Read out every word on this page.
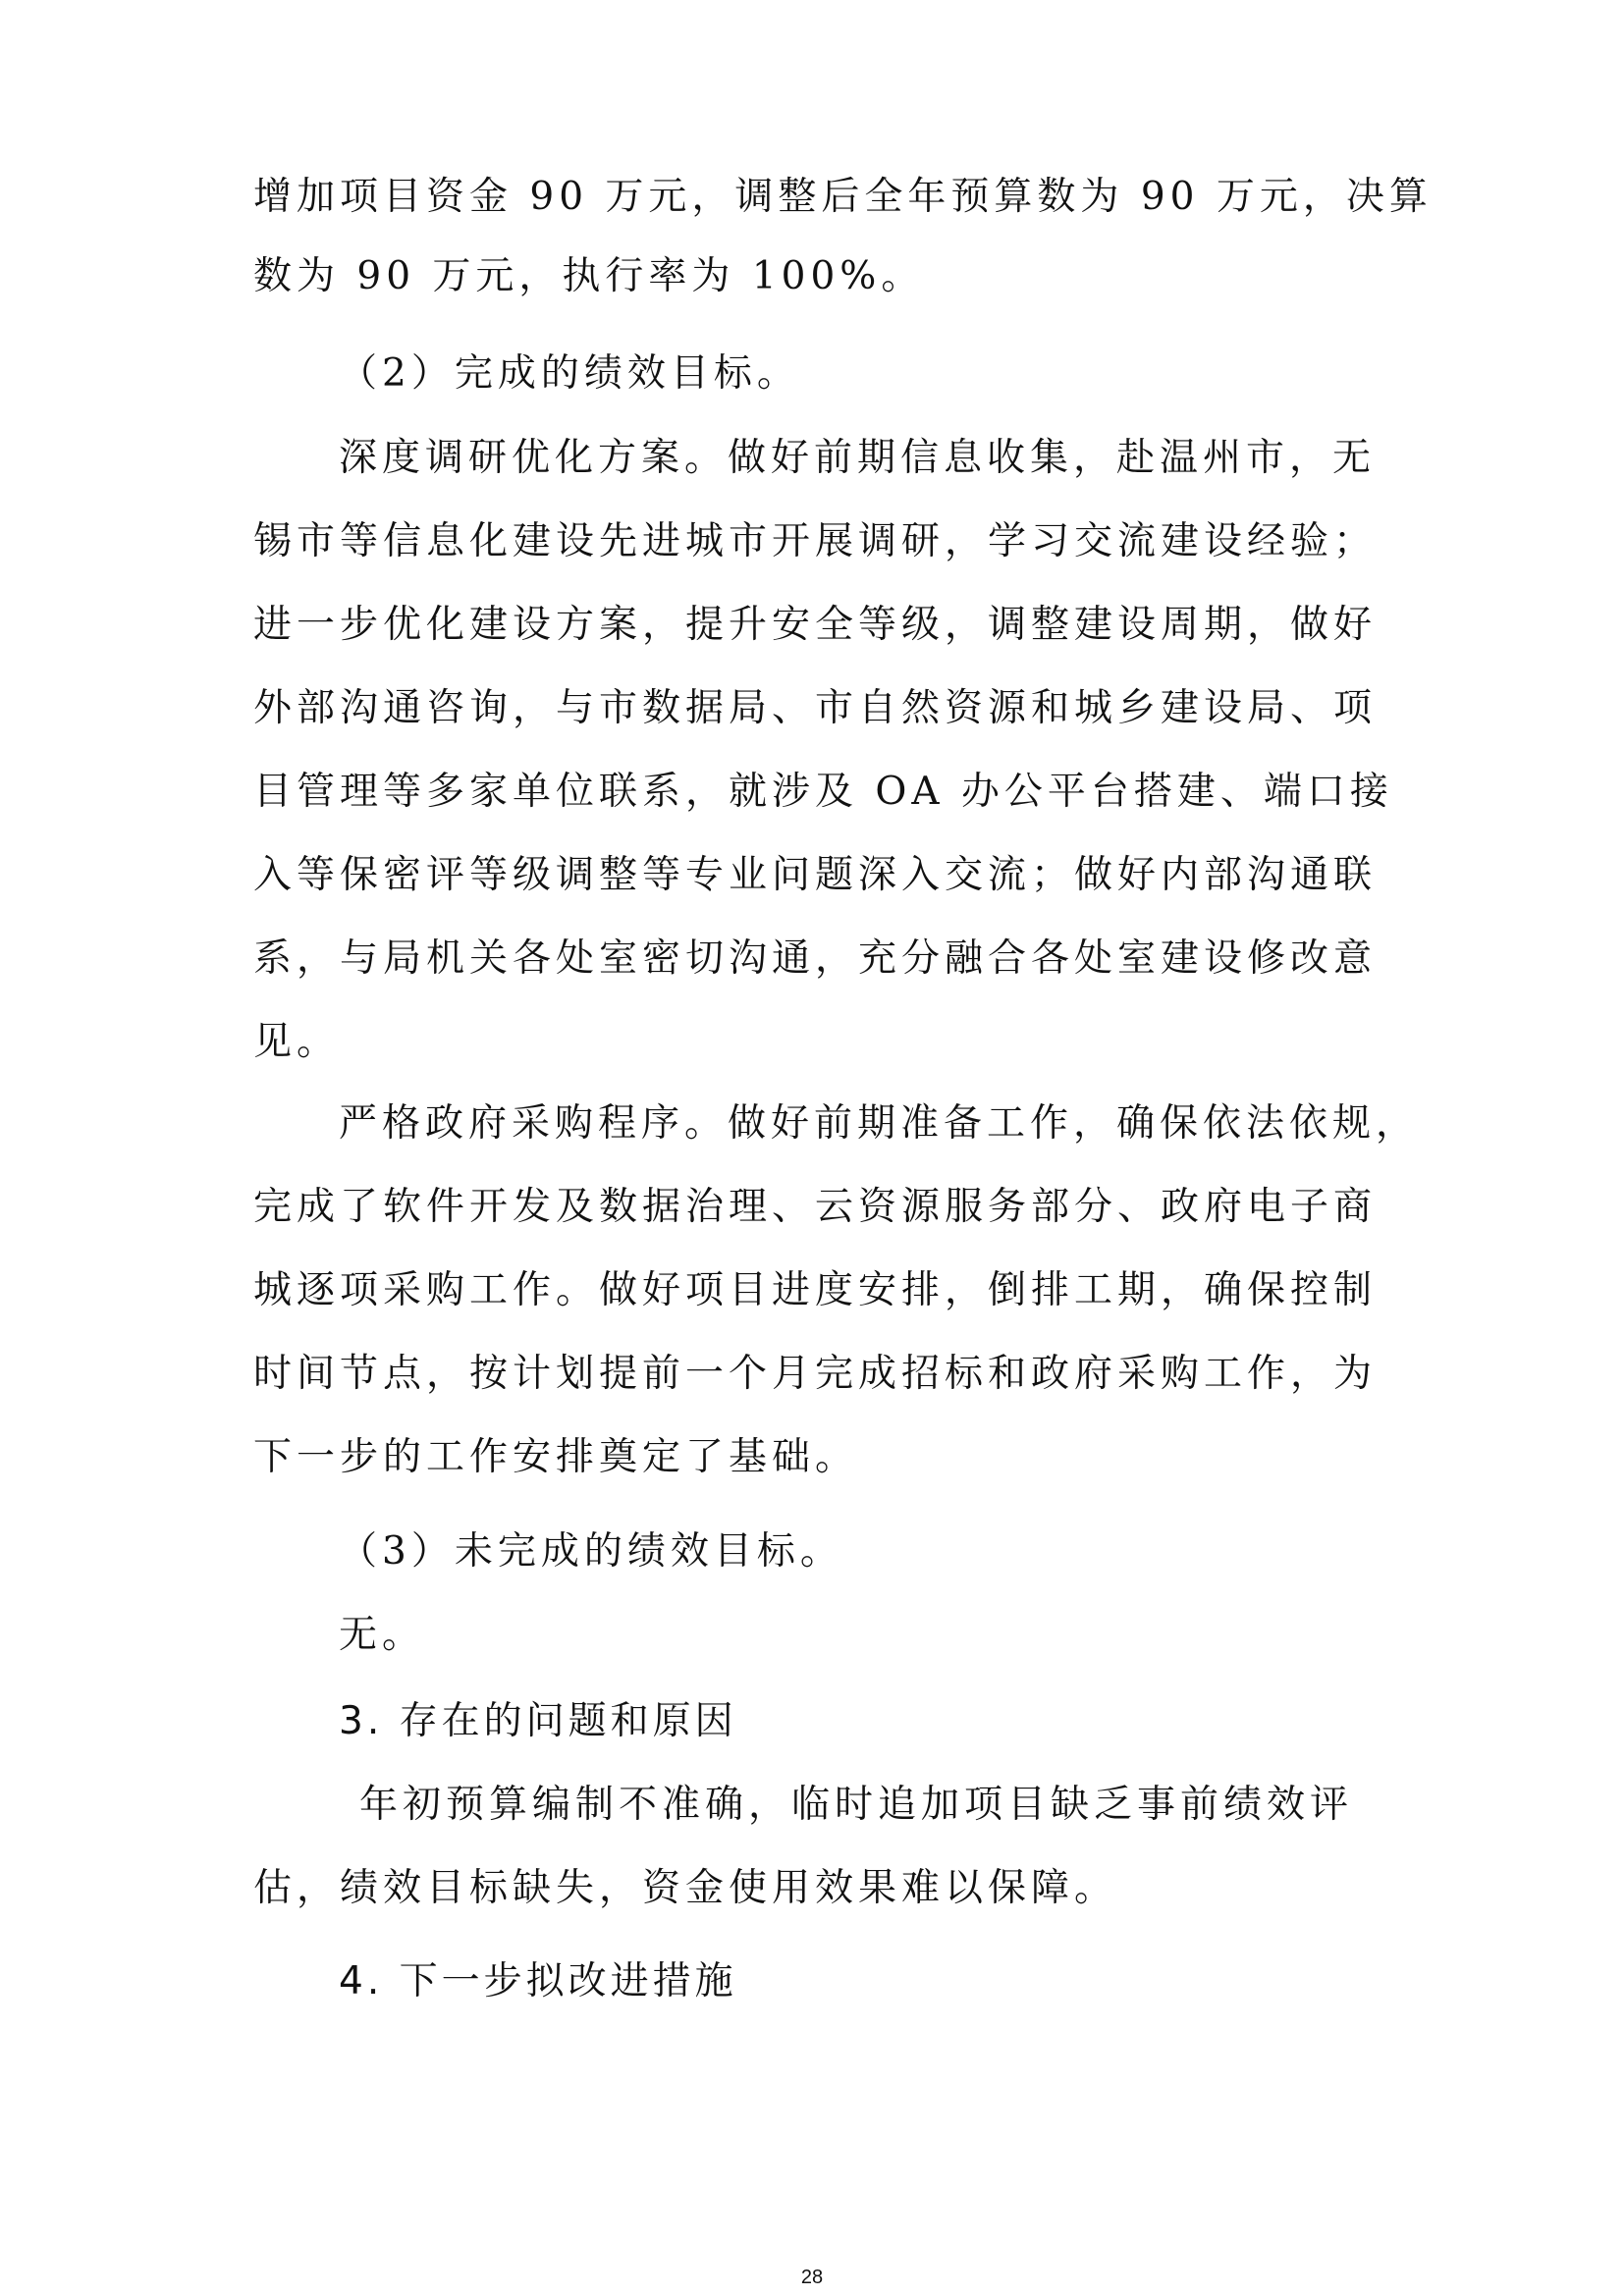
增加项目资金 90 万元，调整后全年预算数为 90 万元，决算
数为 90 万元，执行率为 100%。
（2）完成的绩效目标。
深度调研优化方案。做好前期信息收集，赴温州市，无
锡市等信息化建设先进城市开展调研，学习交流建设经验；
进一步优化建设方案，提升安全等级，调整建设周期，做好
外部沟通咨询，与市数据局、市自然资源和城乡建设局、项
目管理等多家单位联系，就涉及 OA 办公平台搭建、端口接
入等保密评等级调整等专业问题深入交流；做好内部沟通联
系，与局机关各处室密切沟通，充分融合各处室建设修改意
见。
严格政府采购程序。做好前期准备工作，确保依法依规，
完成了软件开发及数据治理、云资源服务部分、政府电子商
城逐项采购工作。做好项目进度安排，倒排工期，确保控制
时间节点，按计划提前一个月完成招标和政府采购工作，为
下一步的工作安排奠定了基础。
（3）未完成的绩效目标。
无。
3. 存在的问题和原因
年初预算编制不准确，临时追加项目缺乏事前绩效评
估，绩效目标缺失，资金使用效果难以保障。
4. 下一步拟改进措施
28
